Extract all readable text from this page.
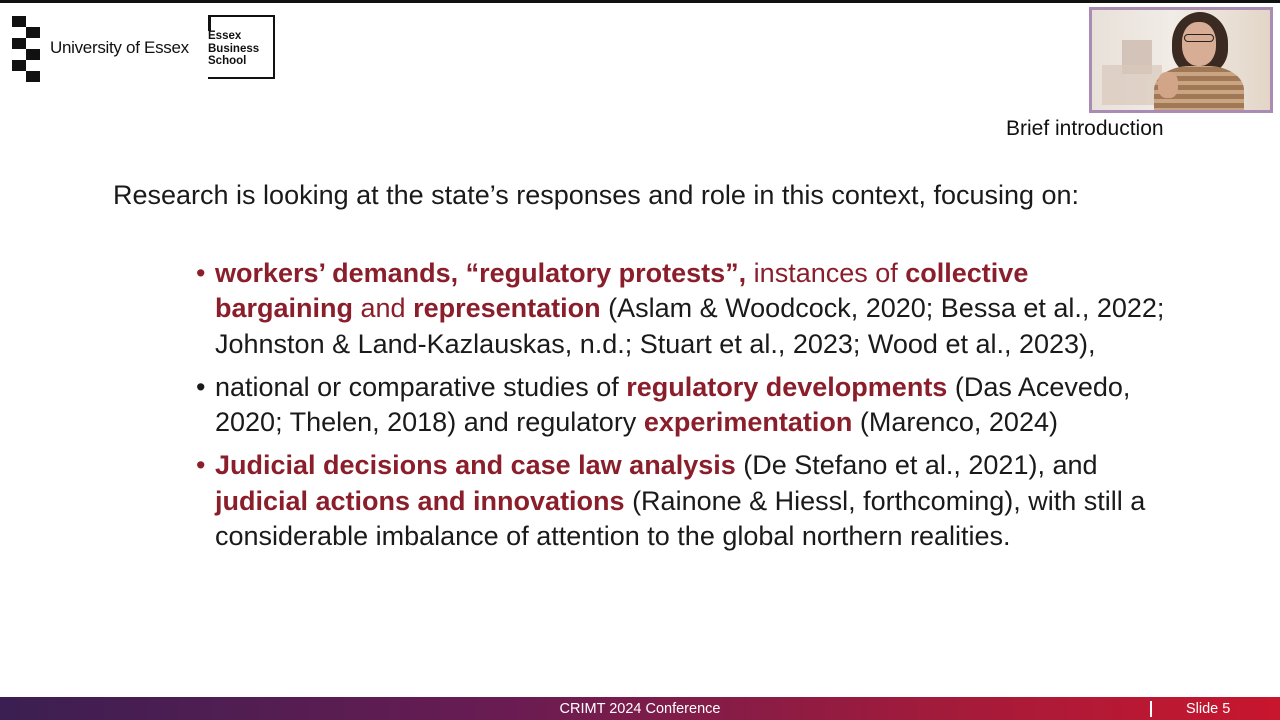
University of Essex
Essex
Business
School
Brief introduction
Research is looking at the state’s responses and role in this context, focusing on:
• workers’ demands, “regulatory protests”, instances of collective bargaining and representation (Aslam & Woodcock, 2020; Bessa et al., 2022; Johnston & Land-Kazlauskas, n.d.; Stuart et al., 2023; Wood et al., 2023),
• national or comparative studies of regulatory developments (Das Acevedo, 2020; Thelen, 2018) and regulatory experimentation (Marenco, 2024)
• Judicial decisions and case law analysis (De Stefano et al., 2021), and judicial actions and innovations (Rainone & Hiessl, forthcoming), with still a considerable imbalance of attention to the global northern realities.
CRIMT 2024 Conference	Slide 5
